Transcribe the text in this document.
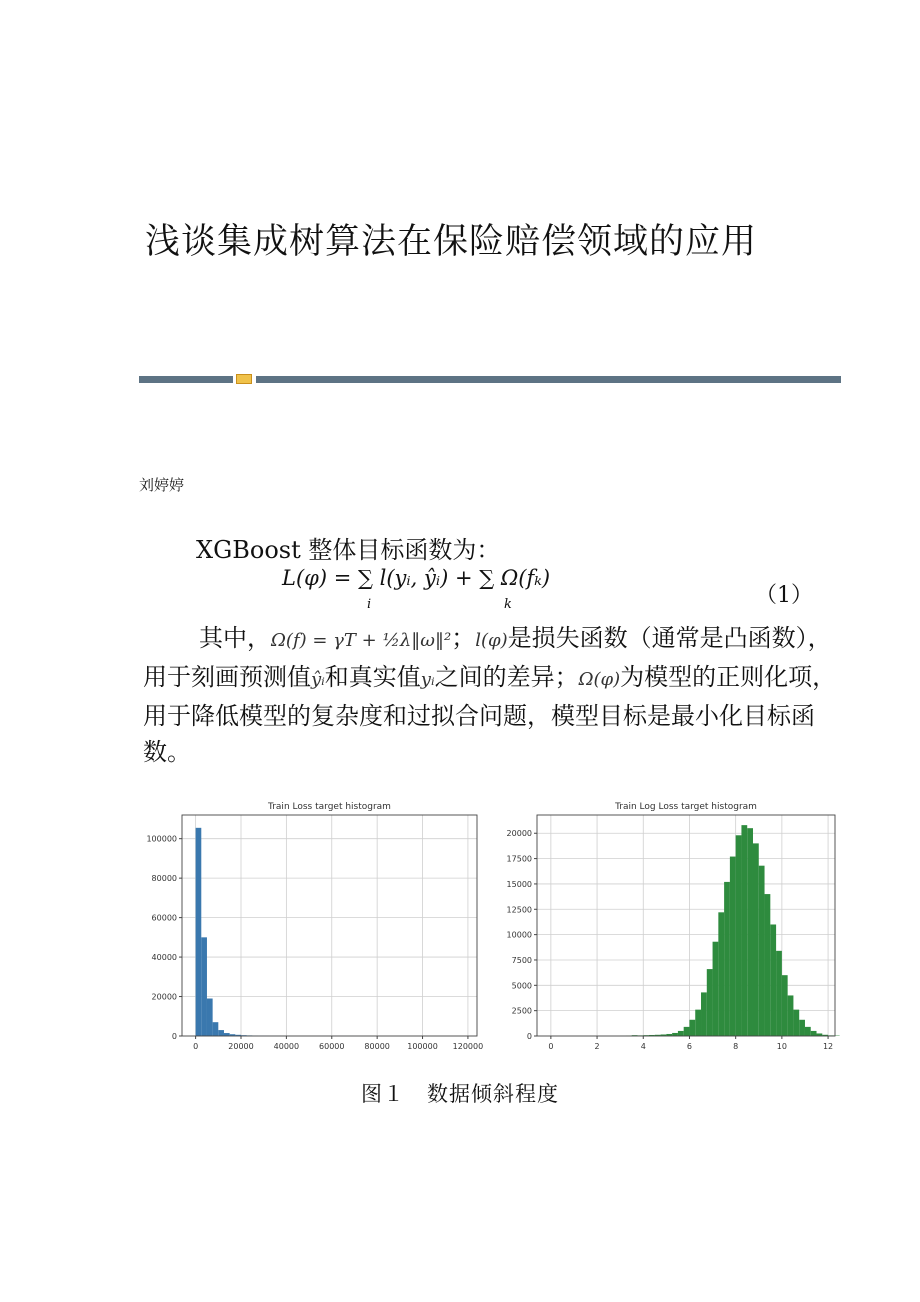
浅谈集成树算法在保险赔偿领域的应用
刘婷婷
XGBoost 整体目标函数为：
L(φ) = ∑ l(yᵢ, ŷᵢ) + ∑ Ω(fₖ)
i	k	（1）
其中，Ω(f) = γT + ½λ‖ω‖²；l(φ)是损失函数（通常是凸函数），用于刻画预测值ŷᵢ和真实值yᵢ之间的差异；Ω(φ)为模型的正则化项，用于降低模型的复杂度和过拟合问题，模型目标是最小化目标函数。
0	20000 40000 60000 80000 100000 120000
0
20000
40000
60000
80000
100000
Train Loss target histogram
0	2	4	6	8	10	12
0
2500
5000
7500
10000
12500
15000
17500
20000
Train Log Loss target histogram
图１　数据倾斜程度
